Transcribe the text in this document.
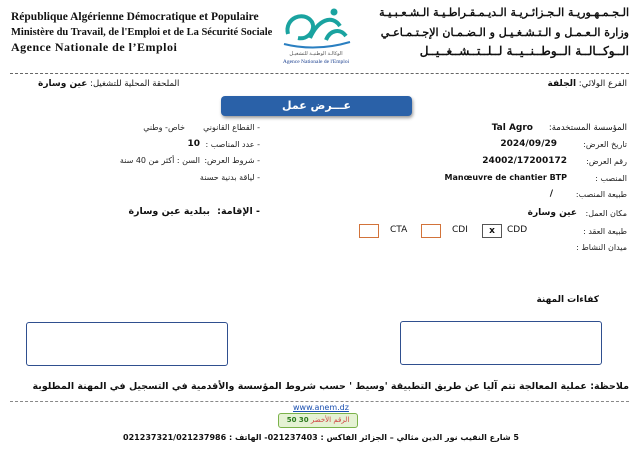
République Algérienne Démocratique et Populaire
Ministère du Travail, de l'Emploi et de La Sécurité Sociale
Agence Nationale de l’Emploi
الـجـمـهـوريـة الـجـزائـريـة الـديـمـقـراطـيـة الـشـعـبـيـة
وزارة الـعـمـل و الـتـشـغـيـل و الـضـمـان الإجـتـمـاعـي
الــوكــالــة الــوطــنــيــة لــلــتــشــغــيــل
الوكالـة الوطنيـة للتشغيـل
Agence Nationale de l'Emploi
الفرع الولائي: الجلفة
الملحقة المحلية للتشغيل: عين وسارة
عـــرض عمل
المؤسسة المستخدمة:
Tal Agro
تاريخ العرض:
2024/09/29
رقم العرض:
24002/17200172
المنصب :
Manœuvre de chantier BTP
طبيعة المنصب:
/
مكان العمل:
عين وسارة
طبيعة العقد :
ميدان النشاط :
CTA	CDI	x	CDD
- القطاع القانوني
خاص- وطني
- عدد المناصب :
10
- شروط العرض:
السن : أكثر من 40 سنة
- لياقة بدنية حسنة
- الإقامة:
ببلدية عين وسارة
كفاءات المهنة
ملاحظة: عملية المعالجة تتم آليا عن طريق التطبيقة 'وسيط ' حسب شروط المؤسسة والأقدمية في التسجيل في المهنة المطلوبة
www.anem.dz
الرقم الأخضر 30 50
5 شارع النقيب نور الدين مثالي – الجزائر الفاكس : 021237403- الهاتف : 021237321/021237986
